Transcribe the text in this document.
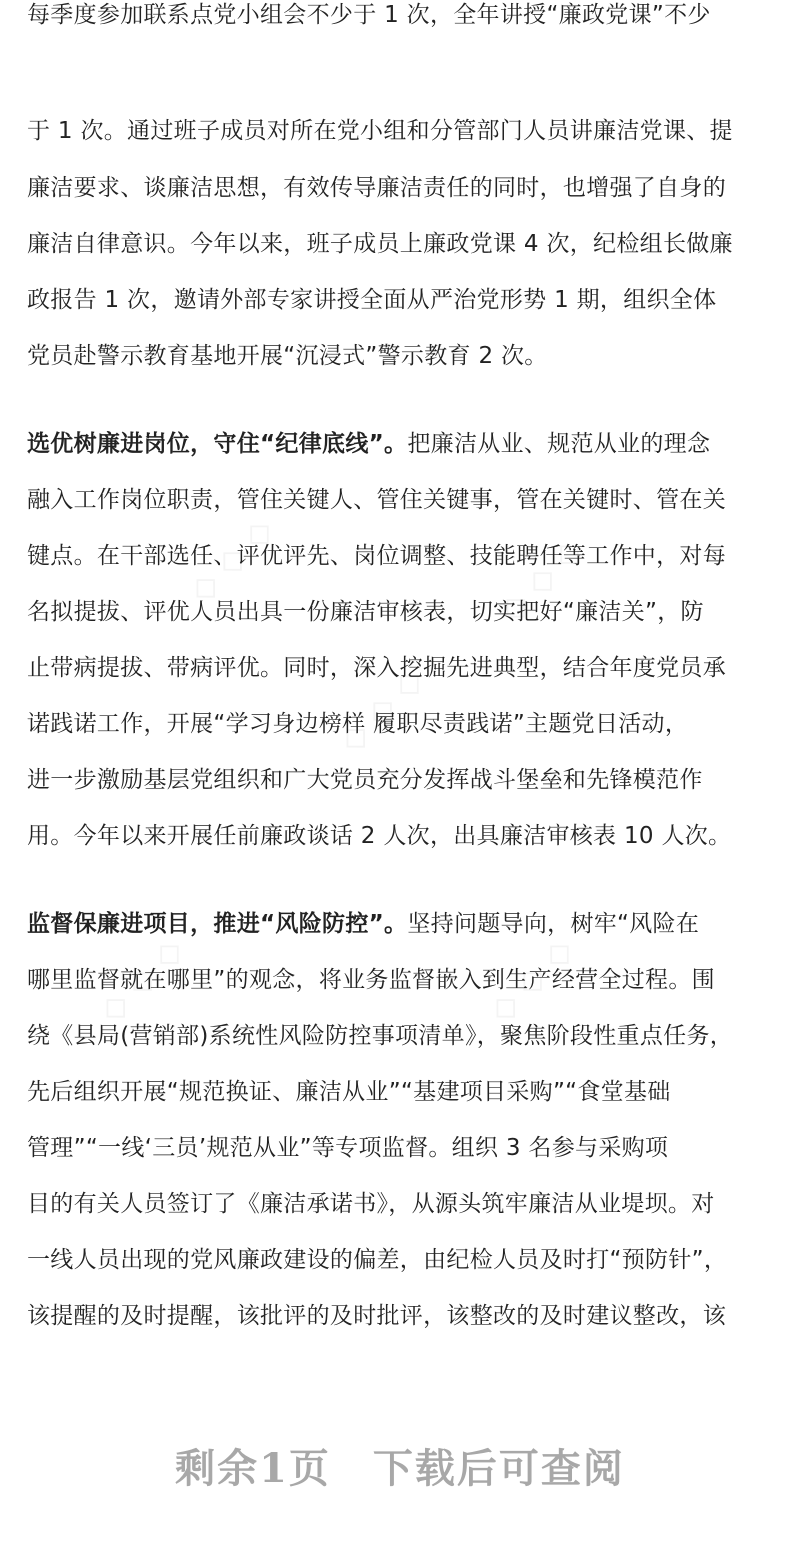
◇ ◇ ◇	◇ ◇ ◇
◇ ◇ ◇
◇ ◇ ◇	◇ ◇ ◇
每季度参加联系点党小组会不少于 1 次，全年讲授“廉政党课”不少
于 1 次。通过班子成员对所在党小组和分管部门人员讲廉洁党课、提
廉洁要求、谈廉洁思想，有效传导廉洁责任的同时，也增强了自身的
廉洁自律意识。今年以来，班子成员上廉政党课 4 次，纪检组长做廉
政报告 1 次，邀请外部专家讲授全面从严治党形势 1 期，组织全体
党员赴警示教育基地开展“沉浸式”警示教育 2 次。
选优树廉进岗位，守住“纪律底线”。把廉洁从业、规范从业的理念
融入工作岗位职责，管住关键人、管住关键事，管在关键时、管在关
键点。在干部选任、评优评先、岗位调整、技能聘任等工作中，对每
名拟提拔、评优人员出具一份廉洁审核表，切实把好“廉洁关”，防
止带病提拔、带病评优。同时，深入挖掘先进典型，结合年度党员承
诺践诺工作，开展“学习身边榜样 履职尽责践诺”主题党日活动，
进一步激励基层党组织和广大党员充分发挥战斗堡垒和先锋模范作
用。今年以来开展任前廉政谈话 2 人次，出具廉洁审核表 10 人次。
监督保廉进项目，推进“风险防控”。坚持问题导向，树牢“风险在
哪里监督就在哪里”的观念，将业务监督嵌入到生产经营全过程。围
绕《县局(营销部)系统性风险防控事项清单》，聚焦阶段性重点任务，
先后组织开展“规范换证、廉洁从业”“基建项目采购”“食堂基础
管理”“一线‘三员’规范从业”等专项监督。组织 3 名参与采购项
目的有关人员签订了《廉洁承诺书》，从源头筑牢廉洁从业堤坝。对
一线人员出现的党风廉政建设的偏差，由纪检人员及时打“预防针”，
该提醒的及时提醒，该批评的及时批评，该整改的及时建议整改，该
剩余1页 下载后可查阅
